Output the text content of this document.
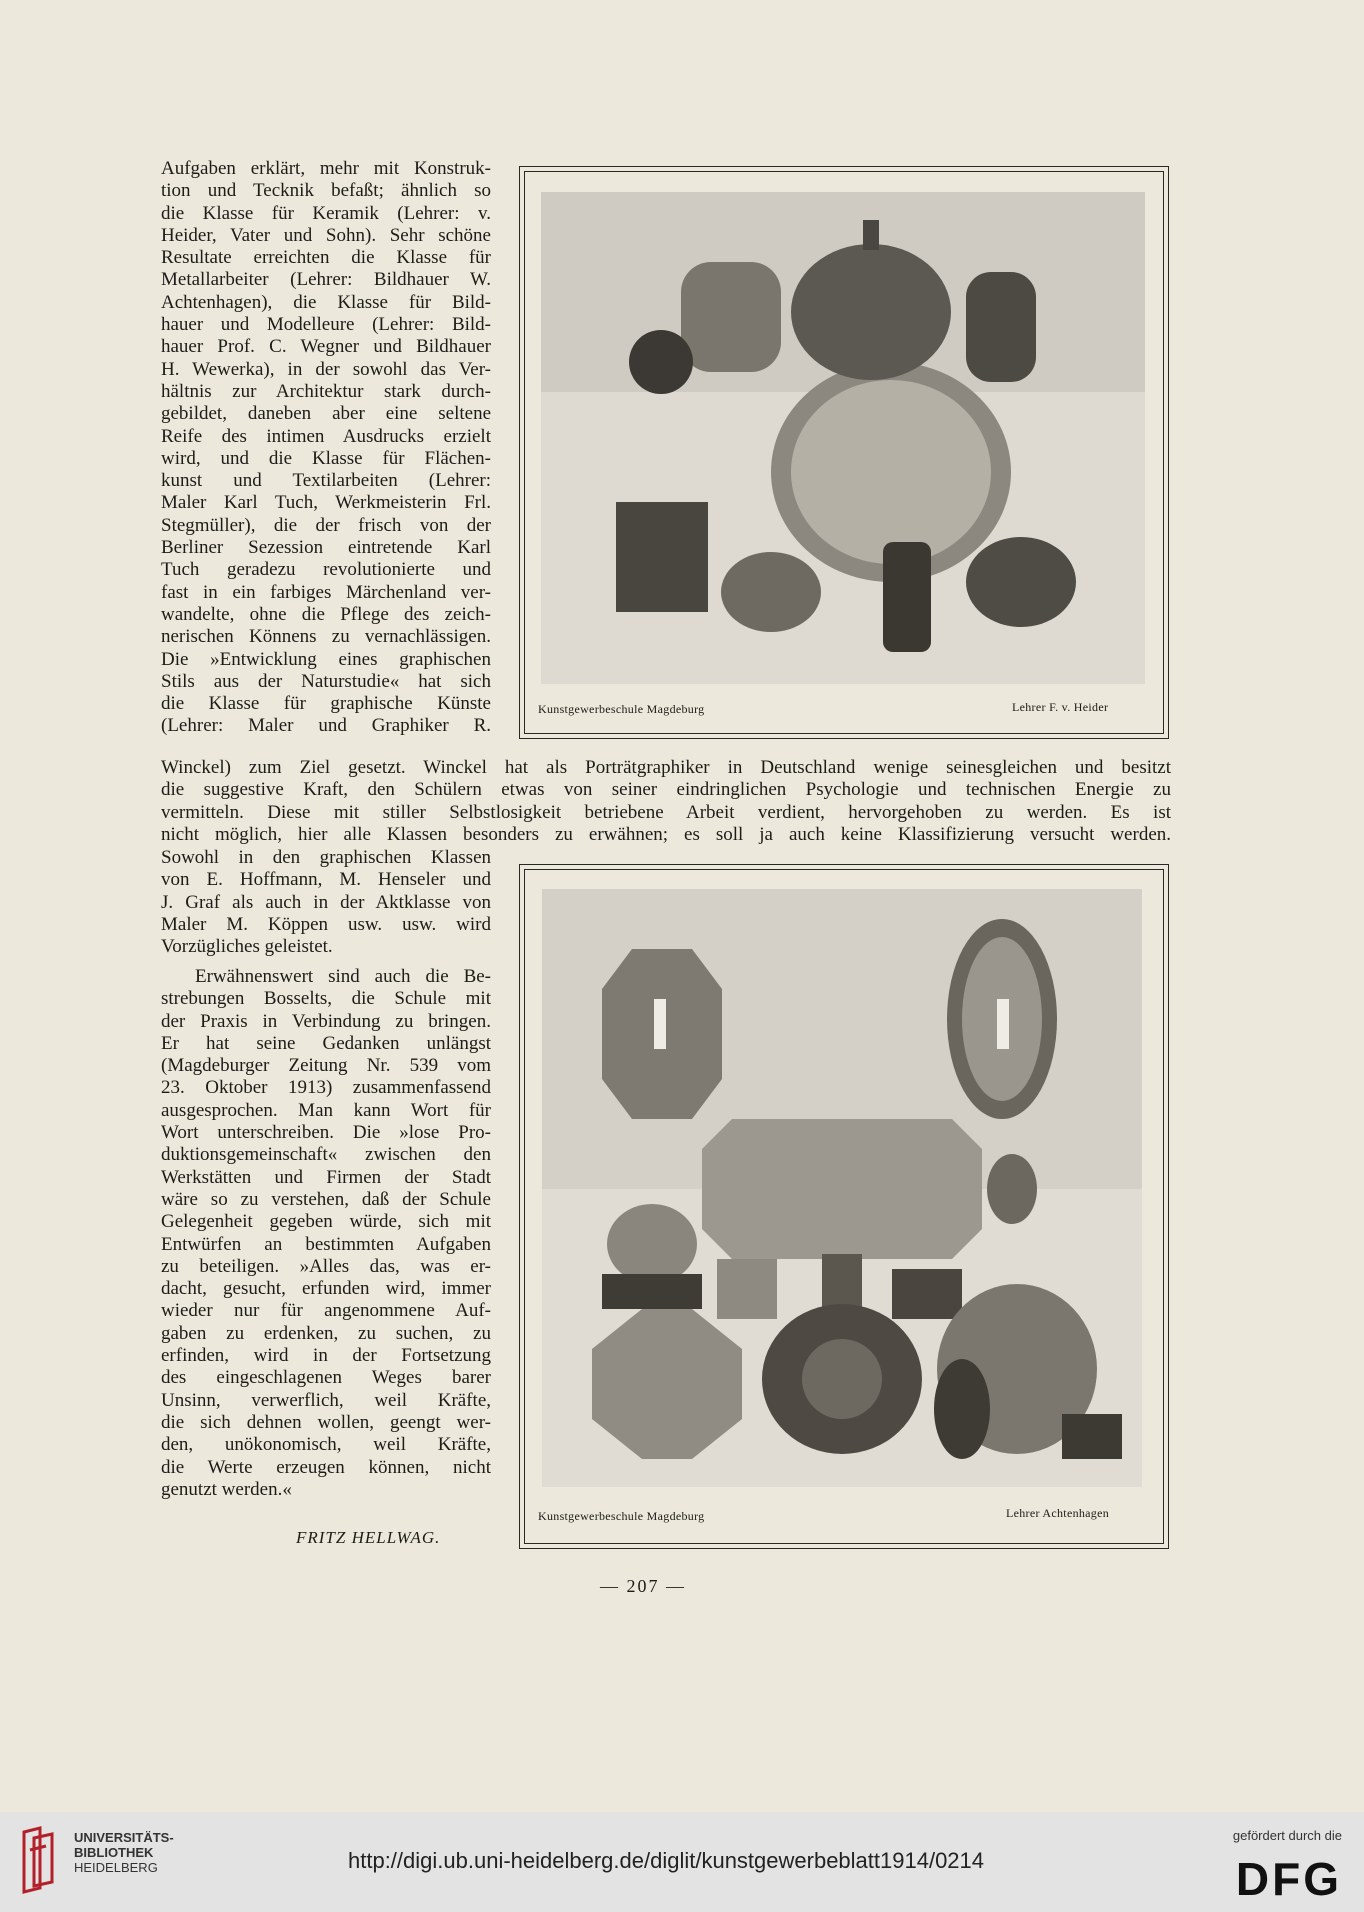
Aufgaben erklärt, mehr mit Konstruk-
tion und Tecknik befaßt; ähnlich so
die Klasse für Keramik (Lehrer: v.
Heider, Vater und Sohn). Sehr schöne
Resultate erreichten die Klasse für
Metallarbeiter (Lehrer: Bildhauer W.
Achtenhagen), die Klasse für Bild-
hauer und Modelleure (Lehrer: Bild-
hauer Prof. C. Wegner und Bildhauer
H. Wewerka), in der sowohl das Ver-
hältnis zur Architektur stark durch-
gebildet, daneben aber eine seltene
Reife des intimen Ausdrucks erzielt
wird, und die Klasse für Flächen-
kunst und Textilarbeiten (Lehrer:
Maler Karl Tuch, Werkmeisterin Frl.
Stegmüller), die der frisch von der
Berliner Sezession eintretende Karl
Tuch geradezu revolutionierte und
fast in ein farbiges Märchenland ver-
wandelte, ohne die Pflege des zeich-
nerischen Könnens zu vernachlässigen.
Die »Entwicklung eines graphischen
Stils aus der Naturstudie« hat sich
die Klasse für graphische Künste
(Lehrer: Maler und Graphiker R.
Winckel) zum Ziel gesetzt. Winckel hat als Porträtgraphiker in Deutschland wenige seinesgleichen und besitzt
die suggestive Kraft, den Schülern etwas von seiner eindringlichen Psychologie und technischen Energie zu
vermitteln. Diese mit stiller Selbstlosigkeit betriebene Arbeit verdient, hervorgehoben zu werden. Es ist
nicht möglich, hier alle Klassen besonders zu erwähnen; es soll ja auch keine Klassifizierung versucht werden.
Sowohl in den graphischen Klassen
von E. Hoffmann, M. Henseler und
J. Graf als auch in der Aktklasse von
Maler M. Köppen usw. usw. wird
Vorzügliches geleistet.
Erwähnenswert sind auch die Be-
strebungen Bosselts, die Schule mit
der Praxis in Verbindung zu bringen.
Er hat seine Gedanken unlängst
(Magdeburger Zeitung Nr. 539 vom
23. Oktober 1913) zusammenfassend
ausgesprochen. Man kann Wort für
Wort unterschreiben. Die »lose Pro-
duktionsgemeinschaft« zwischen den
Werkstätten und Firmen der Stadt
wäre so zu verstehen, daß der Schule
Gelegenheit gegeben würde, sich mit
Entwürfen an bestimmten Aufgaben
zu beteiligen. »Alles das, was er-
dacht, gesucht, erfunden wird, immer
wieder nur für angenommene Auf-
gaben zu erdenken, zu suchen, zu
erfinden, wird in der Fortsetzung
des eingeschlagenen Weges barer
Unsinn, verwerflich, weil Kräfte,
die sich dehnen wollen, geengt wer-
den, unökonomisch, weil Kräfte,
die Werte erzeugen können, nicht
genutzt werden.«
FRITZ HELLWAG.
Kunstgewerbeschule Magdeburg	Lehrer F. v. Heider
Kunstgewerbeschule Magdeburg	Lehrer Achtenhagen
— 207 —
UNIVERSITÄTS-
BIBLIOTHEK
HEIDELBERG	http://digi.ub.uni-heidelberg.de/diglit/kunstgewerbeblatt1914/0214
gefördert durch die
DFG
